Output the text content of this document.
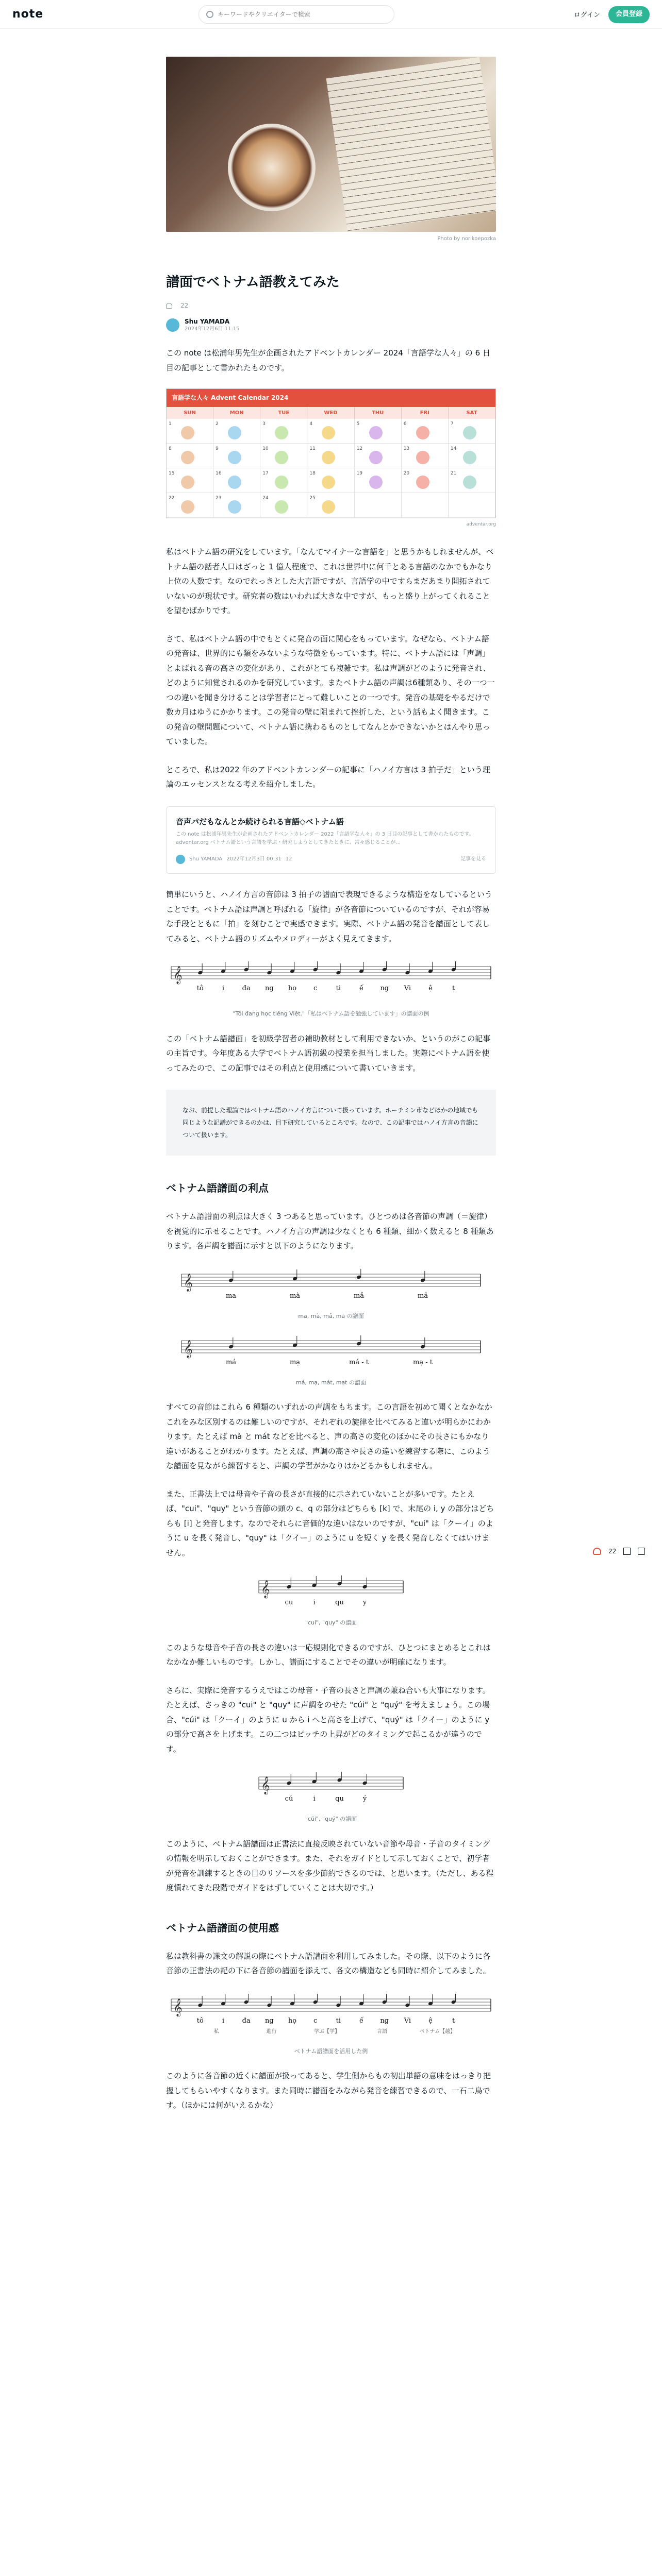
note
キーワードやクリエイターで検索	ログイン	会員登録
Photo by norikoepozka
譜面でベトナム語教えてみた
22
Shu YAMADA
2024年12月6日 11:15

この note は松浦年男先生が企画されたアドベントカレンダー 2024「言語学な人々」の 6 日目の記事として書かれたものです。

言語学な人々 Advent Calendar 2024
SUN	MON	TUE	WED	THU	FRI	SAT
1	2	3	4	5	6	7
8	9	10	11	12	13	14
15	16	17	18	19	20	21
22	23	24	25
adventar.org

私はベトナム語の研究をしています。「なんてマイナーな言語を」と思うかもしれませんが、ベトナム語の話者人口はざっと 1 億人程度で、これは世界中に何千とある言語のなかでもかなり上位の人数です。なのでれっきとした大言語ですが、言語学の中ですらまだあまり開拓されていないのが現状です。研究者の数はいわれば大きな中ですが、もっと盛り上がってくれることを望むばかりです。

さて、私はベトナム語の中でもとくに発音の面に関心をもっています。なぜなら、ベトナム語の発音は、世界的にも類をみないような特徴をもっています。特に、ベトナム語には「声調」とよばれる音の高さの変化があり、これがとても複雑です。私は声調がどのように発音され、どのように知覚されるのかを研究しています。またベトナム語の声調は6種類あり、その一つ一つの違いを聞き分けることは学習者にとって難しいことの一つです。発音の基礎をやるだけで数カ月はゆうにかかります。この発音の壁に阻まれて挫折した、という話もよく聞きます。この発音の壁問題について、ベトナム語に携わるものとしてなんとかできないかとはんやり思っていました。

ところで、私は2022 年のアドベントカレンダーの記事に「ハノイ方言は 3 拍子だ」という理論のエッセンスとなる考えを紹介しました。

音声パだもなんとか続けられる言語◇ベトナム語
この note は松浦年男先生が企画されたアドベントカレンダー 2022「言語学な人々」の 3 日目の記事として書かれたものです。adventar.org ベトナム語という言語を学ぶ・研究しようとしてきたときに、常々感じることが...
Shu YAMADA 2022年12月3日 00:31 12	記事を見る

簡単にいうと、ハノイ方言の音節は 3 拍子の譜面で表現できるような構造をなしているということです。ベトナム語は声調と呼ばれる「旋律」が各音節についているのですが、それが容易な手段とともに「拍」を刻むことで実感できます。実際、ベトナム語の発音を譜面として表してみると、ベトナム語のリズムやメロディーがよく見えてきます。

𝄞
tô	i	đa ng họ	c	ti	ế ng Vi	ệ	t
"Tôi đang học tiếng Việt."「私はベトナム語を勉強しています」の譜面の例

この「ベトナム語譜面」を初級学習者の補助教材として利用できないか、というのがこの記事の主旨です。今年度ある大学でベトナム語初級の授業を担当しました。実際にベトナム語を使ってみたので、この記事ではその利点と使用感について書いていきます。

なお、前提した理論ではベトナム語のハノイ方言について扱っています。ホーチミン市などほかの地域でも同じような記譜ができるのかは、目下研究しているところです。なので、この記事ではハノイ方言の音韻について扱います。
ベトナム語譜面の利点

ベトナム語譜面の利点は大きく 3 つあると思っています。ひとつめは各音節の声調（＝旋律）を視覚的に示せることです。ハノイ方言の声調は少なくとも 6 種類、細かく数えると 8 種類あります。各声調を譜面に示すと以下のようになります。

𝄞
ma	mà	mả	mã
ma, mà, mả, mã の譜面
𝄞
má	mạ	má - t	mạ - t
má, mạ, mát, mạt の譜面

すべての音節はこれら 6 種類のいずれかの声調をもちます。この言語を初めて聞くとなかなかこれをみな区別するのは難しいのですが、それぞれの旋律を比べてみると違いが明らかにわかります。たとえば mà と mát などを比べると、声の高さの変化のほかにその長さにもかなり違いがあることがわかります。たとえば、声調の高さや長さの違いを練習する際に、このような譜面を見ながら練習すると、声調の学習がかなりはかどるかもしれません。

また、正書法上では母音や子音の長さが直接的に示されていないことが多いです。たとえば、"cui"、"quy" という音節の頭の c、q の部分はどちらも [k] で、末尾の i, y の部分はどちらも [i] と発音します。なのでそれらに音価的な違いはないのですが、"cui" は「クーイ」のように u を長く発音し、"quy" は「クイー」のように u を短く y を長く発音しなくてはいけません。

𝄞
cu	i	qu	y
"cui", "quy" の譜面

このような母音や子音の長さの違いは一応規則化できるのですが、ひとつにまとめるとこれはなかなか難しいものです。しかし、譜面にすることでその違いが明確になります。

さらに、実際に発音するうえではこの母音・子音の長さと声調の兼ね合いも大事になります。たとえば、さっきの "cui" と "quy" に声調をのせた "cúi" と "quý" を考えましょう。この場合、"cúi" は「クーイ」のように u から i へと高さを上げて、"quý" は「クイー」のように y の部分で高さを上げます。この二つはピッチの上昇がどのタイミングで起こるかが違うのです。

𝄞
cú	i	qu	ý
"cúi", "quý" の譜面

このように、ベトナム語譜面は正書法に直接反映されていない音節や母音・子音のタイミングの情報を明示しておくことができます。また、それをガイドとして示しておくことで、初学者が発音を訓練するときの目のリソースを多少節約できるのでは、と思います。（ただし、ある程度慣れてきた段階でガイドをはずしていくことは大切です。）

ベトナム語譜面の使用感

私は教科書の課文の解説の際にベトナム語譜面を利用してみました。その際、以下のように各音節の正書法の記の下に各音節の譜面を添えて、各文の構造なども同時に紹介してみました。

𝄞
tô	i	đa ng họ	c	ti	ế ng Vi	ệ	t
私	進行	学ぶ【学】	言語	ベトナム【越】
ベトナム語譜面を活用した例

このように各音節の近くに譜面が扱ってあると、学生側からもの初出単語の意味をはっきり把握してもらいやすくなります。また同時に譜面をみながら発音を練習できるので、一石二鳥です。（ほかには何がいえるかな）

22
